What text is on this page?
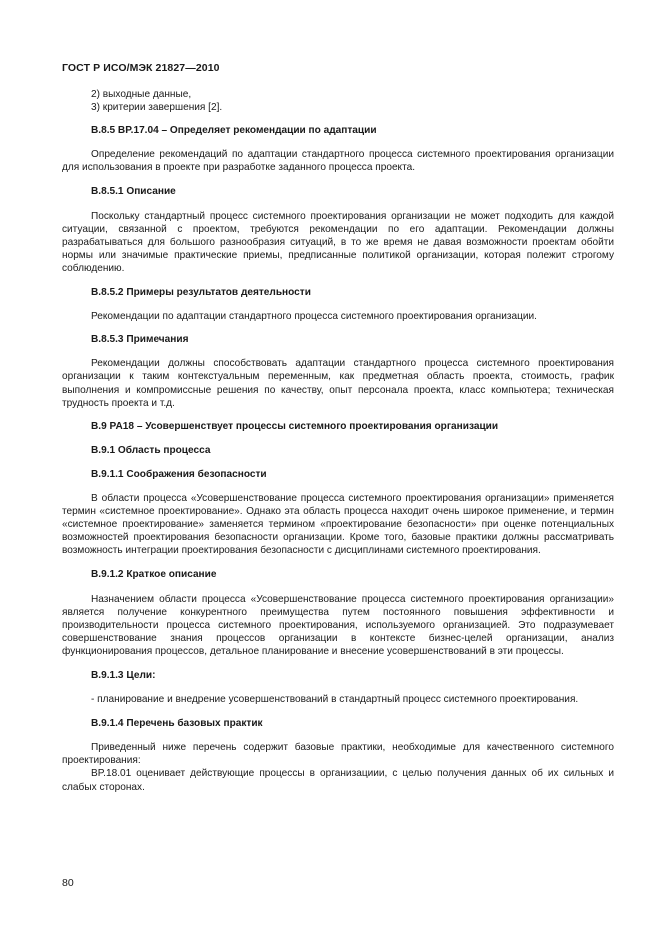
ГОСТ Р ИСО/МЭК 21827—2010

2) выходные данные,

3) критерии завершения [2].

B.8.5 BP.17.04 – Определяет рекомендации по адаптации

Определение рекомендаций по адаптации стандартного процесса системного проектирования организации для использования в проекте при разработке заданного процесса проекта.

B.8.5.1 Описание

Поскольку стандартный процесс системного проектирования организации не может подходить для каждой ситуации, связанной с проектом, требуются рекомендации по его адаптации. Рекомендации должны разрабатываться для большого разнообразия ситуаций, в то же время не давая возможности проектам обойти нормы или значимые практические приемы, предписанные политикой организации, которая полежит строгому соблюдению.

B.8.5.2 Примеры результатов деятельности

Рекомендации по адаптации стандартного процесса системного проектирования организации.

B.8.5.3 Примечания

Рекомендации должны способствовать адаптации стандартного процесса системного проектирования организации к таким контекстуальным переменным, как предметная область проекта, стоимость, график выполнения и компромиссные решения по качеству, опыт персонала проекта, класс компьютера; техническая трудность проекта и т.д.

B.9 PA18 – Усовершенствует процессы системного проектирования организации

B.9.1 Область процесса

B.9.1.1 Соображения безопасности

В области процесса «Усовершенствование процесса системного проектирования организации» применяется термин «системное проектирование». Однако эта область процесса находит очень широкое применение, и термин «системное проектирование» заменяется термином «проектирование безопасности» при оценке потенциальных возможностей проектирования безопасности организации. Кроме того, базовые практики должны рассматривать возможность интеграции проектирования безопасности с дисциплинами системного проектирования.

B.9.1.2 Краткое описание

Назначением области процесса «Усовершенствование процесса системного проектирования организации» является получение конкурентного преимущества путем постоянного повышения эффективности и производительности процесса системного проектирования, используемого организацией. Это подразумевает совершенствование знания процессов организации в контексте бизнес-целей организации, анализ функционирования процессов, детальное планирование и внесение усовершенствований в эти процессы.

B.9.1.3 Цели:

- планирование и внедрение усовершенствований в стандартный процесс системного проектирования.

B.9.1.4 Перечень базовых практик

Приведенный ниже перечень содержит базовые практики, необходимые для качественного системного проектирования:

BP.18.01 оценивает действующие процессы в организациии, с целью получения данных об их сильных и слабых сторонах.

80
